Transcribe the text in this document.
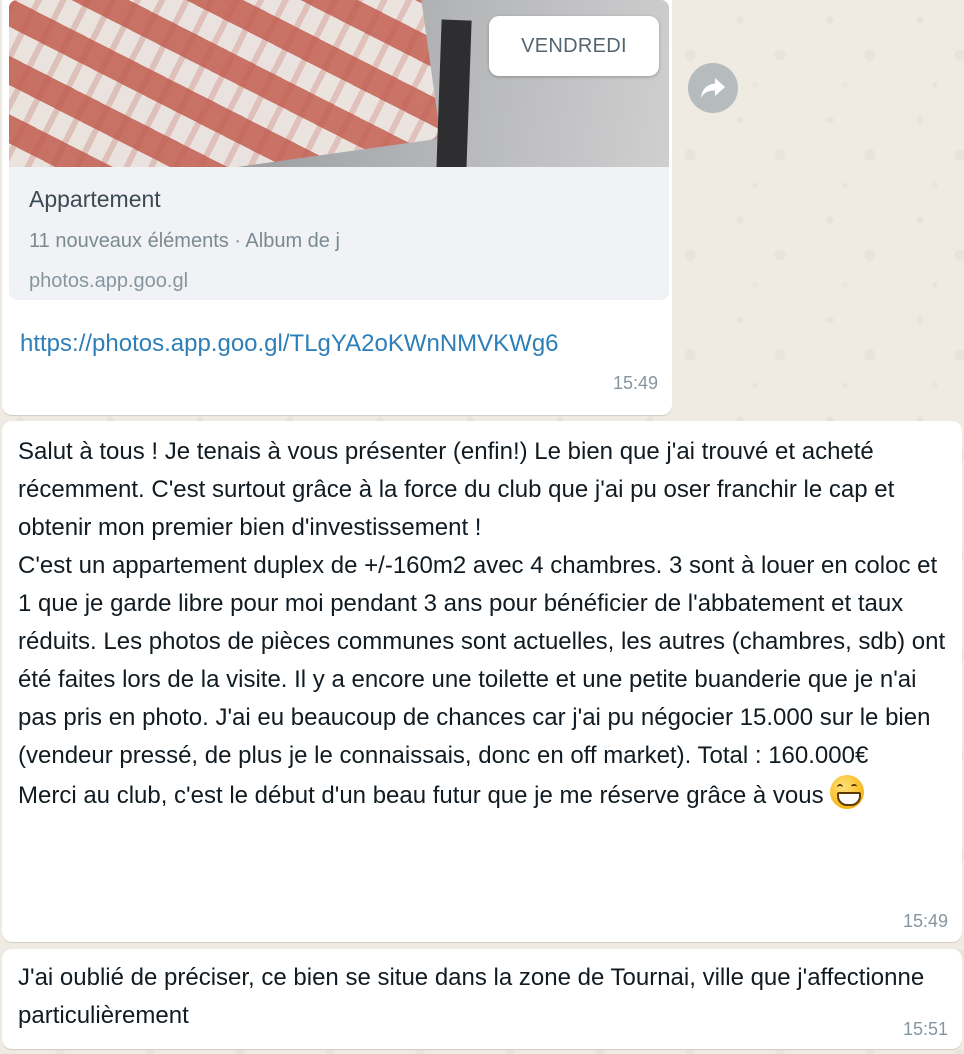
VENDREDI
Appartement
11 nouveaux éléments · Album de j
photos.app.goo.gl
https://photos.app.goo.gl/TLgYA2oKWnNMVKWg6
15:49
Salut à tous ! Je tenais à vous présenter (enfin!) Le bien que j'ai trouvé et acheté récemment. C'est surtout grâce à la force du club que j'ai pu oser franchir le cap et obtenir mon premier bien d'investissement !
C'est un appartement duplex de +/-160m2 avec 4 chambres. 3 sont à louer en coloc et 1 que je garde libre pour moi pendant 3 ans pour bénéficier de l'abbatement et taux réduits. Les photos de pièces communes sont actuelles, les autres (chambres, sdb) ont été faites lors de la visite. Il y a encore une toilette et une petite buanderie que je n'ai pas pris en photo. J'ai eu beaucoup de chances car j'ai pu négocier 15.000 sur le bien (vendeur pressé, de plus je le connaissais, donc en off market). Total : 160.000€
Merci au club, c'est le début d'un beau futur que je me réserve grâce à vous
15:49
J'ai oublié de préciser, ce bien se situe dans la zone de Tournai, ville que j'affectionne particulièrement	15:51
